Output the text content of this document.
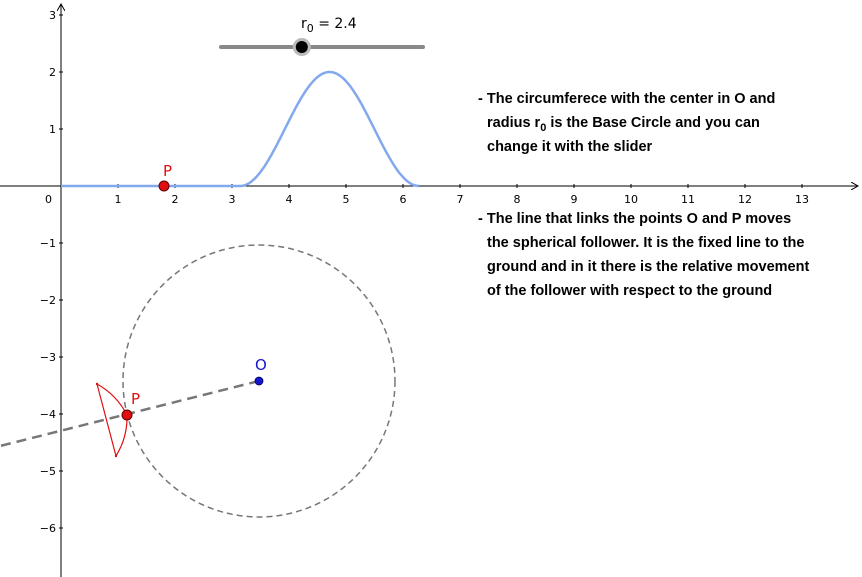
1	2	3	4	5	6	7	8	9	10	11	12	13
3
2
1
0
−1
−2
−3
−4
−5
−6
P
O
P
$r_0 = 2.4$
- The circumferece with the center in O and
radius $r_0$ is the Base Circle and you can
change it with the slider
- The line that links the points O and P moves
the spherical follower. It is the fixed line to the
ground and in it there is the relative movement
of the follower with respect to the ground
